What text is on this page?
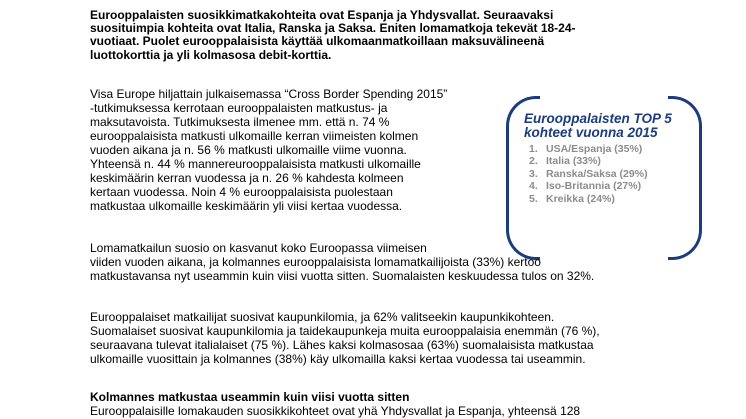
Eurooppalaisten suosikkimatkakohteita ovat Espanja ja Yhdysvallat. Seuraavaksi
suosituimpia kohteita ovat Italia, Ranska ja Saksa. Eniten lomamatkoja tekevät 18-24-
vuotiaat. Puolet eurooppalaisista käyttää ulkomaanmatkoillaan maksuvälineenä
luottokorttia ja yli kolmasosa debit-korttia.

Visa Europe hiljattain julkaisemassa “Cross Border Spending 2015”
-tutkimuksessa kerrotaan eurooppalaisten matkustus- ja
maksutavoista. Tutkimuksesta ilmenee mm. että n. 74 %
eurooppalaisista matkusti ulkomaille kerran viimeisten kolmen
vuoden aikana ja n. 56 % matkusti ulkomaille viime vuonna.
Yhteensä n. 44 % mannereurooppalaisista matkusti ulkomaille
keskimäärin kerran vuodessa ja n. 26 % kahdesta kolmeen
kertaan vuodessa. Noin 4 % eurooppalaisista puolestaan
matkustaa ulkomaille keskimäärin yli viisi kertaa vuodessa.

Eurooppalaisten TOP 5
kohteet vuonna 2015

1. USA/Espanja (35%)
2. Italia (33%)
3. Ranska/Saksa (29%)
4. Iso-Britannia (27%)
5. Kreikka (24%)

Lomamatkailun suosio on kasvanut koko Euroopassa viimeisen
viiden vuoden aikana, ja kolmannes eurooppalaisista lomamatkailijoista (33%) kertoo
matkustavansa nyt useammin kuin viisi vuotta sitten. Suomalaisten keskuudessa tulos on 32%.

Eurooppalaiset matkailijat suosivat kaupunkilomia, ja 62% valitseekin kaupunkikohteen.
Suomalaiset suosivat kaupunkilomia ja taidekaupunkeja muita eurooppalaisia enemmän (76 %),
seuraavana tulevat italialaiset (75 %). Lähes kaksi kolmasosaa (63%) suomalaisista matkustaa
ulkomaille vuosittain ja kolmannes (38%) käy ulkomailla kaksi kertaa vuodessa tai useammin.

Kolmannes matkustaa useammin kuin viisi vuotta sitten

Eurooppalaisille lomakauden suosikkikohteet ovat yhä Yhdysvallat ja Espanja, yhteensä 128
